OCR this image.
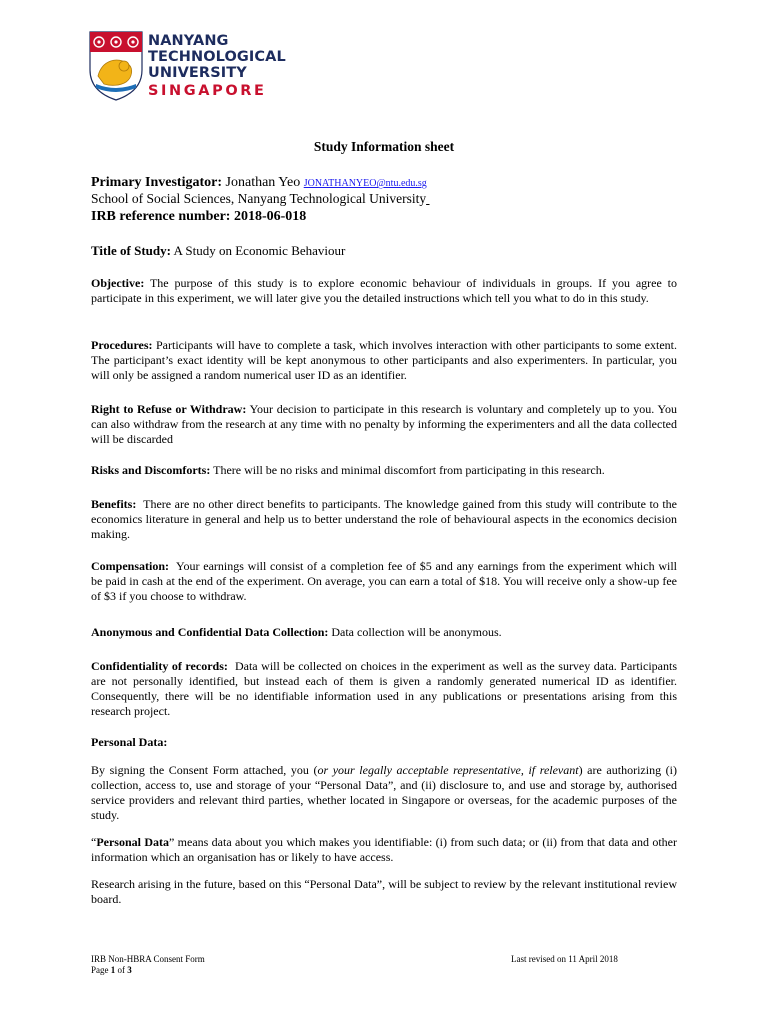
NANYANG
TECHNOLOGICAL
UNIVERSITY
SINGAPORE
Study Information sheet
Primary Investigator: Jonathan Yeo JONATHANYEO@ntu.edu.sg
School of Social Sciences, Nanyang Technological University
IRB reference number: 2018-06-018
Title of Study: A Study on Economic Behaviour
Objective: The purpose of this study is to explore economic behaviour of individuals in groups. If you agree to participate in this experiment, we will later give you the detailed instructions which tell you what to do in this study.
Procedures: Participants will have to complete a task, which involves interaction with other participants to some extent. The participant’s exact identity will be kept anonymous to other participants and also experimenters. In particular, you will only be assigned a random numerical user ID as an identifier.
Right to Refuse or Withdraw: Your decision to participate in this research is voluntary and completely up to you. You can also withdraw from the research at any time with no penalty by informing the experimenters and all the data collected will be discarded
Risks and Discomforts: There will be no risks and minimal discomfort from participating in this research.
Benefits:  There are no other direct benefits to participants. The knowledge gained from this study will contribute to the economics literature in general and help us to better understand the role of behavioural aspects in the economics decision making.
Compensation:  Your earnings will consist of a completion fee of $5 and any earnings from the experiment which will be paid in cash at the end of the experiment. On average, you can earn a total of $18. You will receive only a show-up fee of $3 if you choose to withdraw.
Anonymous and Confidential Data Collection: Data collection will be anonymous.
Confidentiality of records:  Data will be collected on choices in the experiment as well as the survey data. Participants are not personally identified, but instead each of them is given a randomly generated numerical ID as identifier. Consequently, there will be no identifiable information used in any publications or presentations arising from this research project.
Personal Data:
By signing the Consent Form attached, you (or your legally acceptable representative, if relevant) are authorizing (i) collection, access to, use and storage of your “Personal Data”, and (ii) disclosure to, and use and storage by, authorised service providers and relevant third parties, whether located in Singapore or overseas, for the academic purposes of the study.
“Personal Data” means data about you which makes you identifiable: (i) from such data; or (ii) from that data and other information which an organisation has or likely to have access.
Research arising in the future, based on this “Personal Data”, will be subject to review by the relevant institutional review board.
IRB Non-HBRA Consent Form
Page 1 of 3
Last revised on 11 April 2018
